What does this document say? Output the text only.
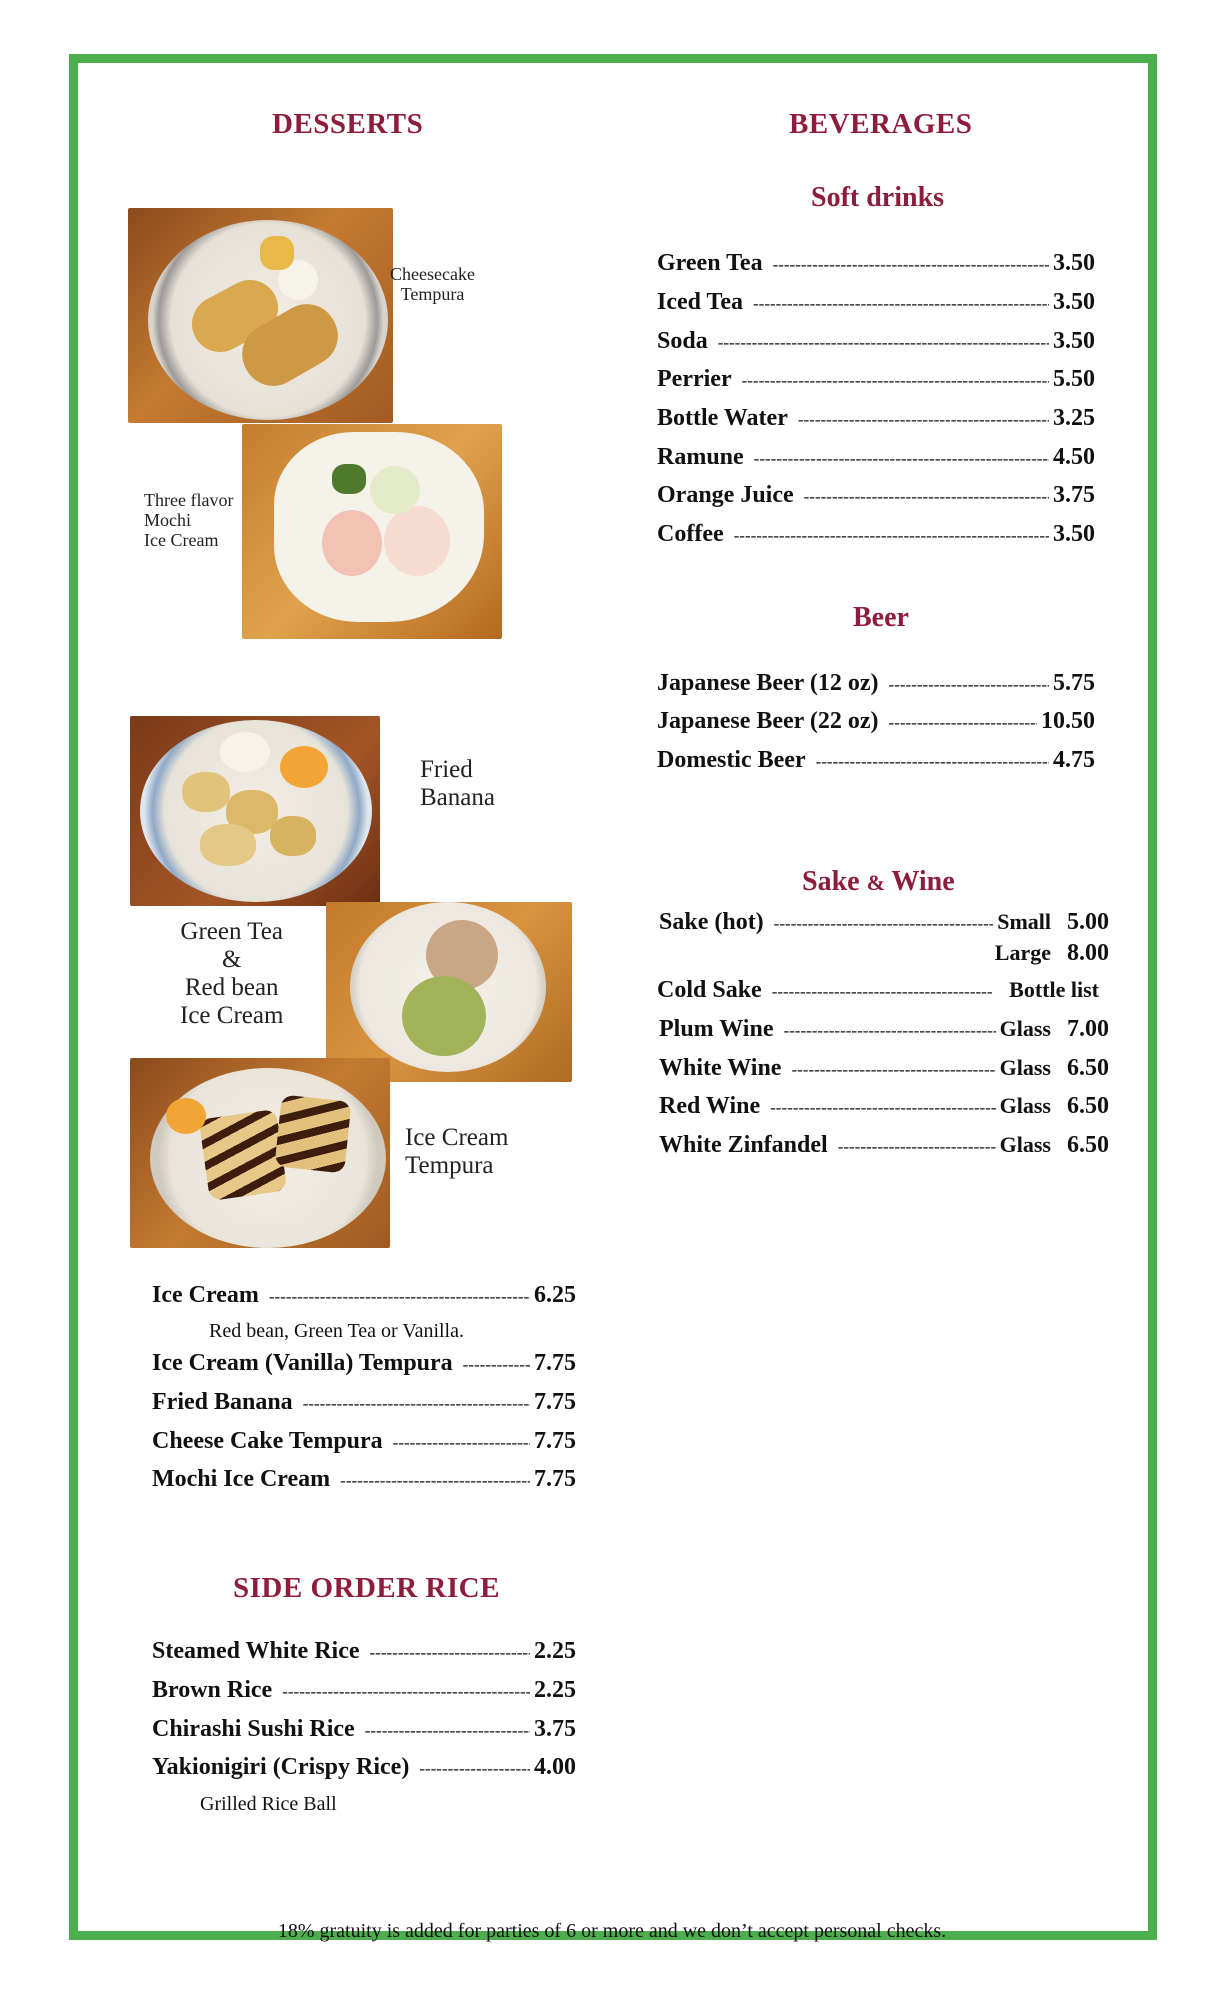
DESSERTS
Cheesecake
Tempura
Three flavor
Mochi
Ice Cream
Fried
Banana
Green Tea
&
Red bean
Ice Cream
Ice Cream
Tempura
Ice Cream -----	6.25
Red bean, Green Tea or Vanilla.
Ice Cream (Vanilla) Tempura -----	7.75
Fried Banana -----	7.75
Cheese Cake Tempura -----	7.75
Mochi Ice Cream -----	7.75
SIDE ORDER RICE
Steamed White Rice -----	2.25
Brown Rice -----	2.25
Chirashi Sushi Rice -----	3.75
Yakionigiri (Crispy Rice) -----	4.00
Grilled Rice Ball
BEVERAGES
Soft drinks
Green Tea -----	3.50
Iced Tea -----	3.50
Soda -----	3.50
Perrier -----	5.50
Bottle Water -----	3.25
Ramune -----	4.50
Orange Juice -----	3.75
Coffee -----	3.50
Beer
Japanese Beer (12 oz) -----	5.75
Japanese Beer (22 oz) -----	10.50
Domestic Beer -----	4.75
Sake & Wine
Sake (hot) -----	Small 5.00
Large 8.00
Cold Sake -----	Bottle list
Plum Wine -----	Glass 7.00
White Wine -----	Glass 6.50
Red Wine -----	Glass 6.50
White Zinfandel -----	Glass 6.50
18% gratuity is added for parties of 6 or more and we don’t accept personal checks.
